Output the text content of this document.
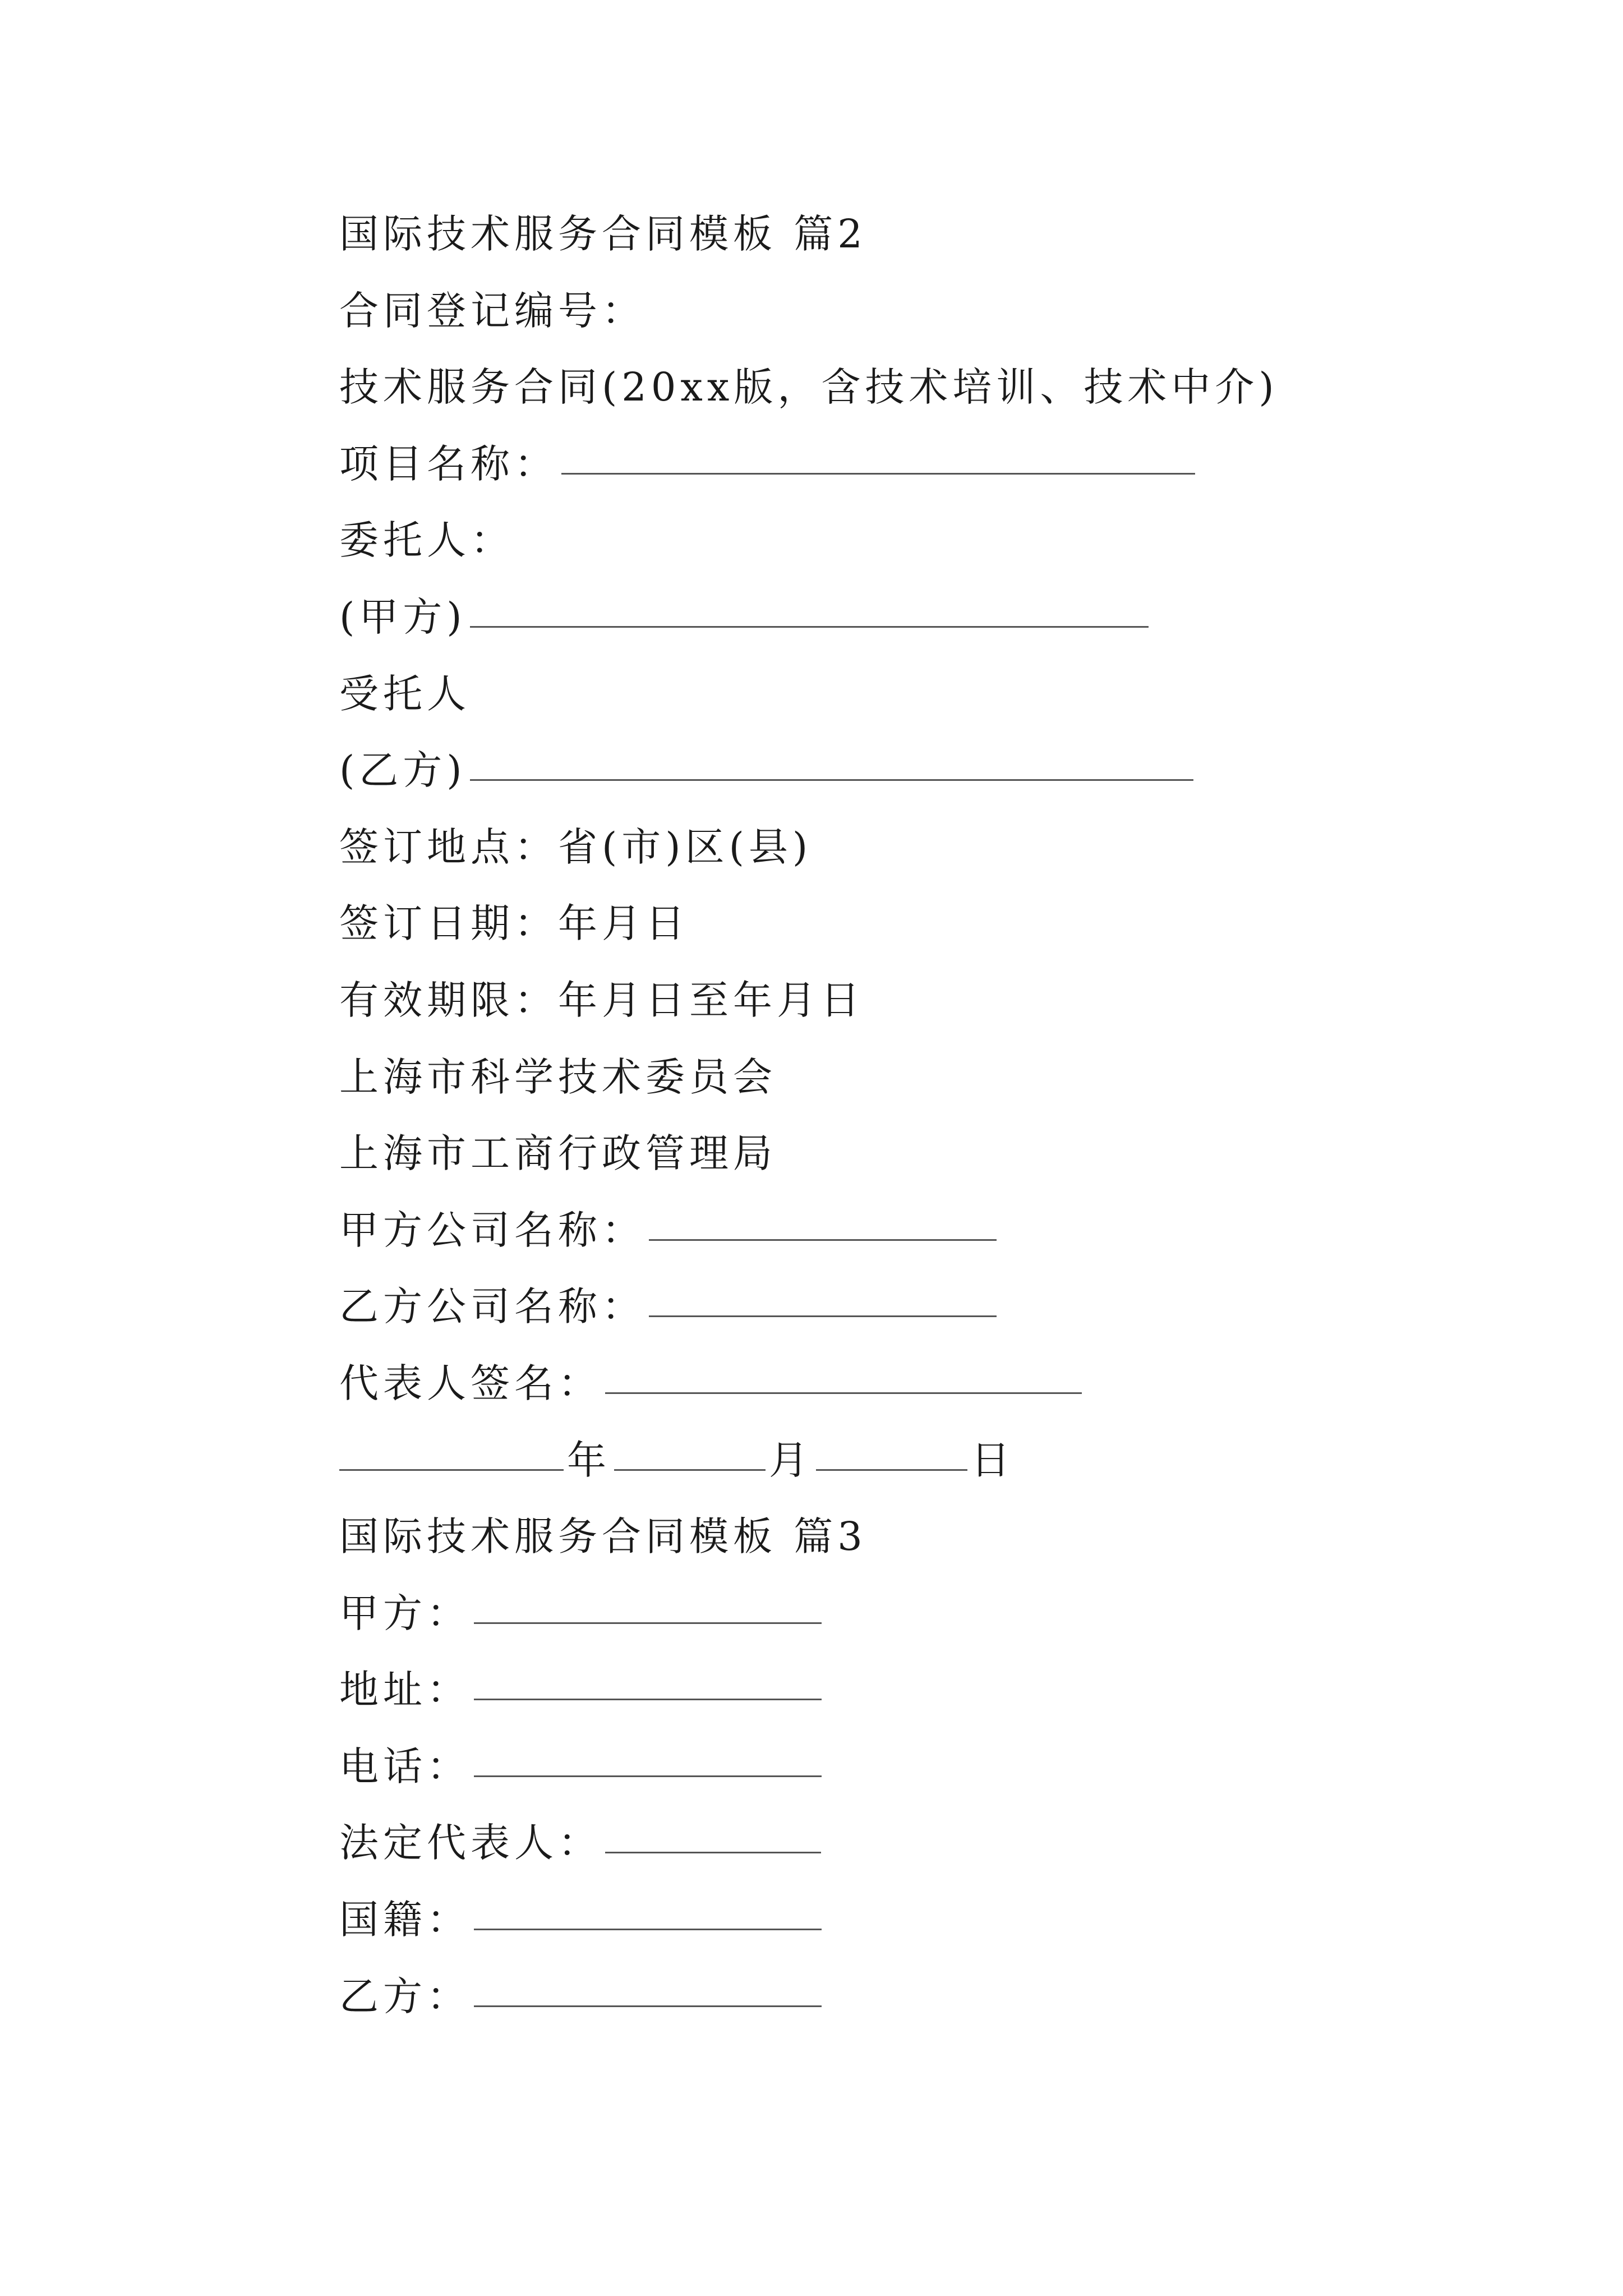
国际技术服务合同模板 篇2
合同登记编号：
技术服务合同(20xx版，含技术培训、技术中介)
项目名称：
委托人：
(甲方)
受托人
(乙方)
签订地点：省(市)区(县)
签订日期：年月日
有效期限：年月日至年月日
上海市科学技术委员会
上海市工商行政管理局
甲方公司名称：
乙方公司名称：
代表人签名：
年	月	日
国际技术服务合同模板 篇3
甲方：
地址：
电话：
法定代表人：
国籍：
乙方：
